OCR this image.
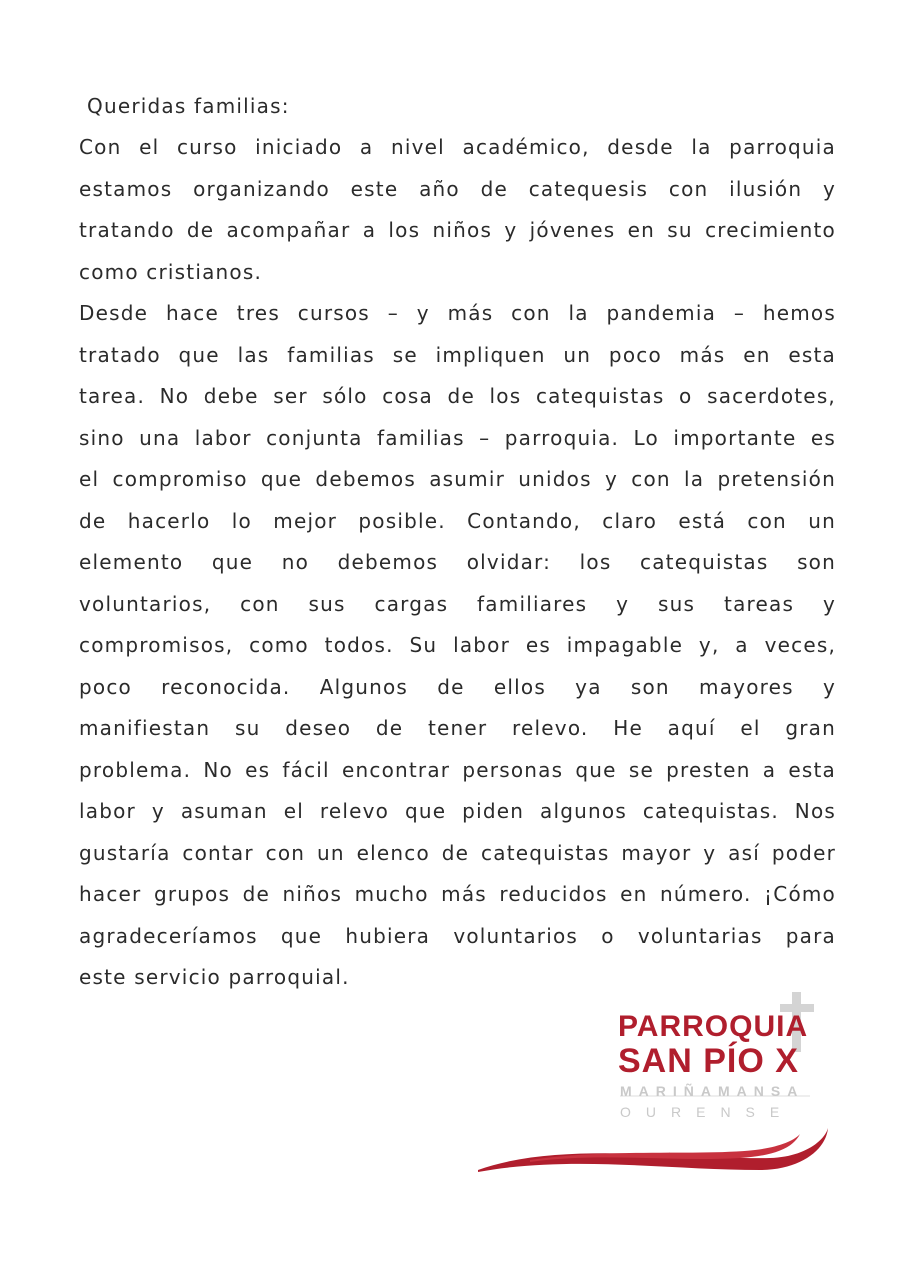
Queridas familias:
Con el curso iniciado a nivel académico, desde la parroquia
estamos organizando este año de catequesis con ilusión y
tratando de acompañar a los niños y jóvenes en su crecimiento
como cristianos.
Desde hace tres cursos – y más con la pandemia – hemos
tratado que las familias se impliquen un poco más en esta
tarea. No debe ser sólo cosa de los catequistas o sacerdotes,
sino una labor conjunta familias – parroquia. Lo importante es
el compromiso que debemos asumir unidos y con la pretensión
de hacerlo lo mejor posible. Contando, claro está con un
elemento que no debemos olvidar: los catequistas son
voluntarios, con sus cargas familiares y sus tareas y
compromisos, como todos. Su labor es impagable y, a veces,
poco reconocida. Algunos de ellos ya son mayores y
manifiestan su deseo de tener relevo. He aquí el gran
problema. No es fácil encontrar personas que se presten a esta
labor y asuman el relevo que piden algunos catequistas. Nos
gustaría contar con un elenco de catequistas mayor y así poder
hacer grupos de niños mucho más reducidos en número. ¡Cómo
agradeceríamos que hubiera voluntarios o voluntarias para
este servicio parroquial.
PARROQUIA
SAN PÍO X
MARIÑAMANSA
OURENSE
